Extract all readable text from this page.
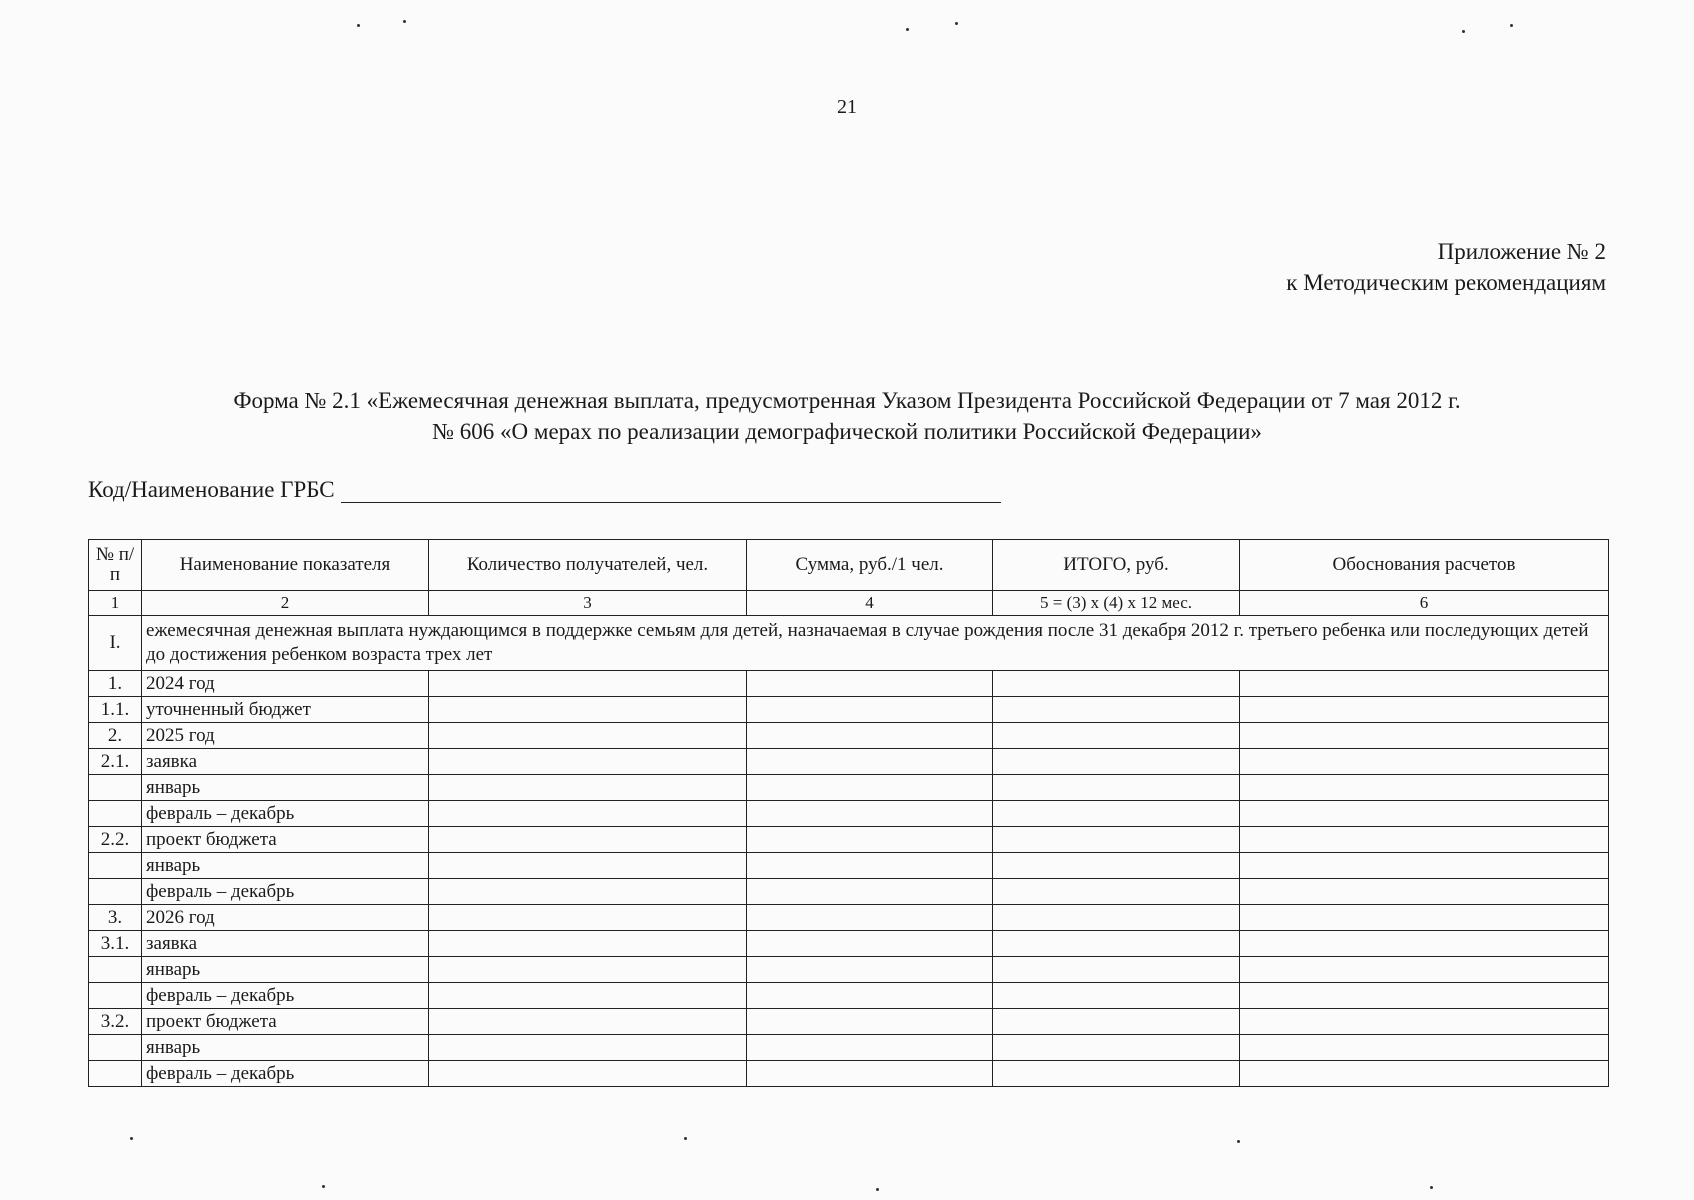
21
Приложение № 2
к Методическим рекомендациям
Форма № 2.1 «Ежемесячная денежная выплата, предусмотренная Указом Президента Российской Федерации от 7 мая 2012 г.
№ 606 «О мерах по реализации демографической политики Российской Федерации»
Код/Наименование ГРБС
№ п/п	Наименование показателя	Количество получателей, чел.	Сумма, руб./1 чел.	ИТОГО, руб.	Обоснования расчетов
1	2	3	4	5 = (3) x (4) x 12 мес.	6
I.	ежемесячная денежная выплата нуждающимся в поддержке семьям для детей, назначаемая в случае рождения после 31 декабря 2012 г. третьего ребенка или последующих детей до достижения ребенком возраста трех лет				
1.	2024 год				
1.1.	уточненный бюджет				
2.	2025 год				
2.1.	заявка				
	январь				
	февраль – декабрь				
2.2.	проект бюджета				
	январь				
	февраль – декабрь				
3.	2026 год				
3.1.	заявка				
	январь				
	февраль – декабрь				
3.2.	проект бюджета				
	январь				
	февраль – декабрь				
